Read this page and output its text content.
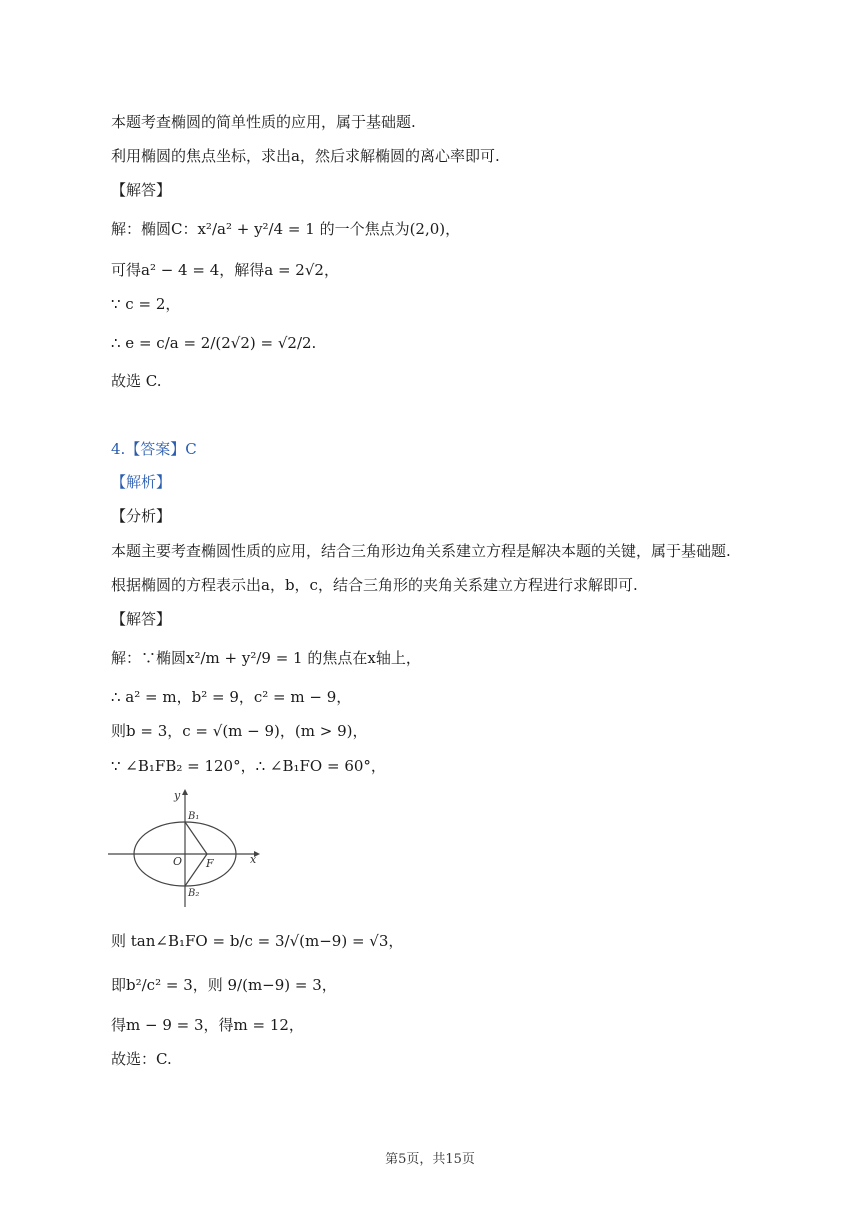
本题考查椭圆的简单性质的应用，属于基础题.
利用椭圆的焦点坐标，求出a，然后求解椭圆的离心率即可.
【解答】
解：椭圆C：x²/a² + y²/4 = 1 的一个焦点为(2,0)，
可得a² − 4 = 4，解得a = 2√2，
∵ c = 2，
∴ e = c/a = 2/(2√2) = √2/2.
故选 C.
4.【答案】C
【解析】
【分析】
本题主要考查椭圆性质的应用，结合三角形边角关系建立方程是解决本题的关键，属于基础题.
根据椭圆的方程表示出a，b，c，结合三角形的夹角关系建立方程进行求解即可.
【解答】
解：∵椭圆x²/m + y²/9 = 1 的焦点在x轴上，
∴ a² = m，b² = 9，c² = m − 9，
则b = 3，c = √(m − 9)，(m > 9)，
∵ ∠B₁FB₂ = 120°，∴ ∠B₁FO = 60°，
y
x
B₁
B₂
O F
则 tan∠B₁FO = b/c = 3/√(m−9) = √3，
即b²/c² = 3，则 9/(m−9) = 3，
得m − 9 = 3，得m = 12，
故选：C.
第5页，共15页
